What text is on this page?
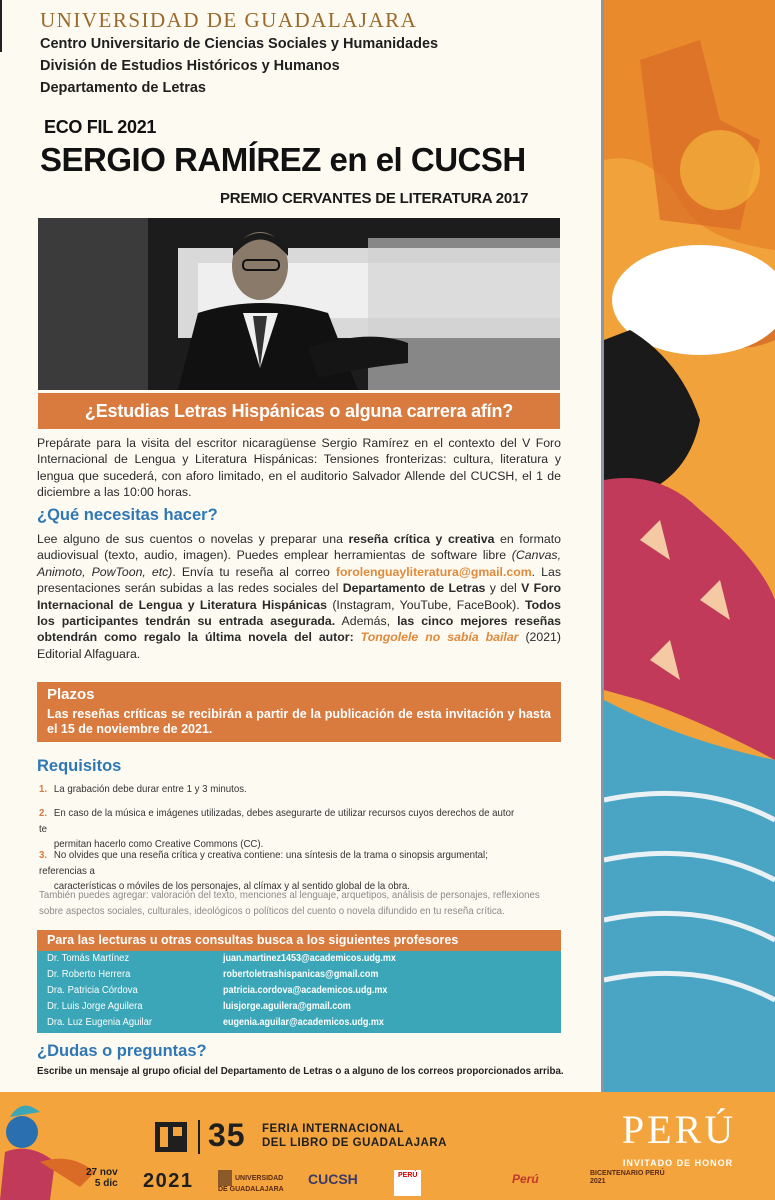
UNIVERSIDAD DE GUADALAJARA
Centro Universitario de Ciencias Sociales y Humanidades
División de Estudios Históricos y Humanos
Departamento de Letras
ECO FIL 2021
SERGIO RAMÍREZ en el CUCSH
PREMIO CERVANTES DE LITERATURA 2017
¿Estudias Letras Hispánicas o alguna carrera afín?

Prepárate para la visita del escritor nicaragüense Sergio Ramírez en el contexto del V Foro Internacional de Lengua y Literatura Hispánicas: Tensiones fronterizas: cultura, literatura y lengua que sucederá, con aforo limitado, en el auditorio Salvador Allende del CUCSH, el 1 de diciembre a las 10:00 horas.

¿Qué necesitas hacer?

Lee alguno de sus cuentos o novelas y preparar una reseña crítica y creativa en formato audiovisual (texto, audio, imagen). Puedes emplear herramientas de software libre (Canvas, Animoto, PowToon, etc). Envía tu reseña al correo forolenguayliteratura@gmail.com. Las presentaciones serán subidas a las redes sociales del Departamento de Letras y del V Foro Internacional de Lengua y Literatura Hispánicas (Instagram, YouTube, FaceBook). Todos los participantes tendrán su entrada asegurada. Además, las cinco mejores reseñas obtendrán como regalo la última novela del autor: Tongolele no sabía bailar (2021) Editorial Alfaguara.

Plazos
Las reseñas críticas se recibirán a partir de la publicación de esta invitación y hasta el 15 de noviembre de 2021.
Requisitos
1. La grabación debe durar entre 1 y 3 minutos.
2. En caso de la música e imágenes utilizadas, debes asegurarte de utilizar recursos cuyos derechos de autor te
permitan hacerlo como Creative Commons (CC).
3. No olvides que una reseña crítica y creativa contiene: una síntesis de la trama o sinopsis argumental; referencias a
características o móviles de los personajes, al clímax y al sentido global de la obra.
También puedes agregar: valoración del texto, menciones al lenguaje, arquetipos, análisis de personajes, reflexiones sobre aspectos sociales, culturales, ideológicos o políticos del cuento o novela difundido en tu reseña crítica.
Para las lecturas u otras consultas busca a los siguientes profesores
Dr. Tomás Martínez	juan.martinez1453@academicos.udg.mx
Dr. Roberto Herrera	robertoletrashispanicas@gmail.com
Dra. Patricia Córdova	patricia.cordova@academicos.udg.mx
Dr. Luis Jorge Aguilera	luisjorge.aguilera@gmail.com
Dra. Luz Eugenia Aguilar	eugenia.aguilar@academicos.udg.mx
¿Dudas o preguntas?
Escribe un mensaje al grupo oficial del Departamento de Letras o a alguno de los correos proporcionados arriba.
35 FERIA INTERNACIONAL
DEL LIBRO DE GUADALAJARA
27 nov
5 dic 2021	UNIVERSIDAD DE GUADALAJARA
CUCSH	PERÚ	Perú	BICENTENARIO PERÚ 2021
PERÚ
INVITADO DE HONOR
